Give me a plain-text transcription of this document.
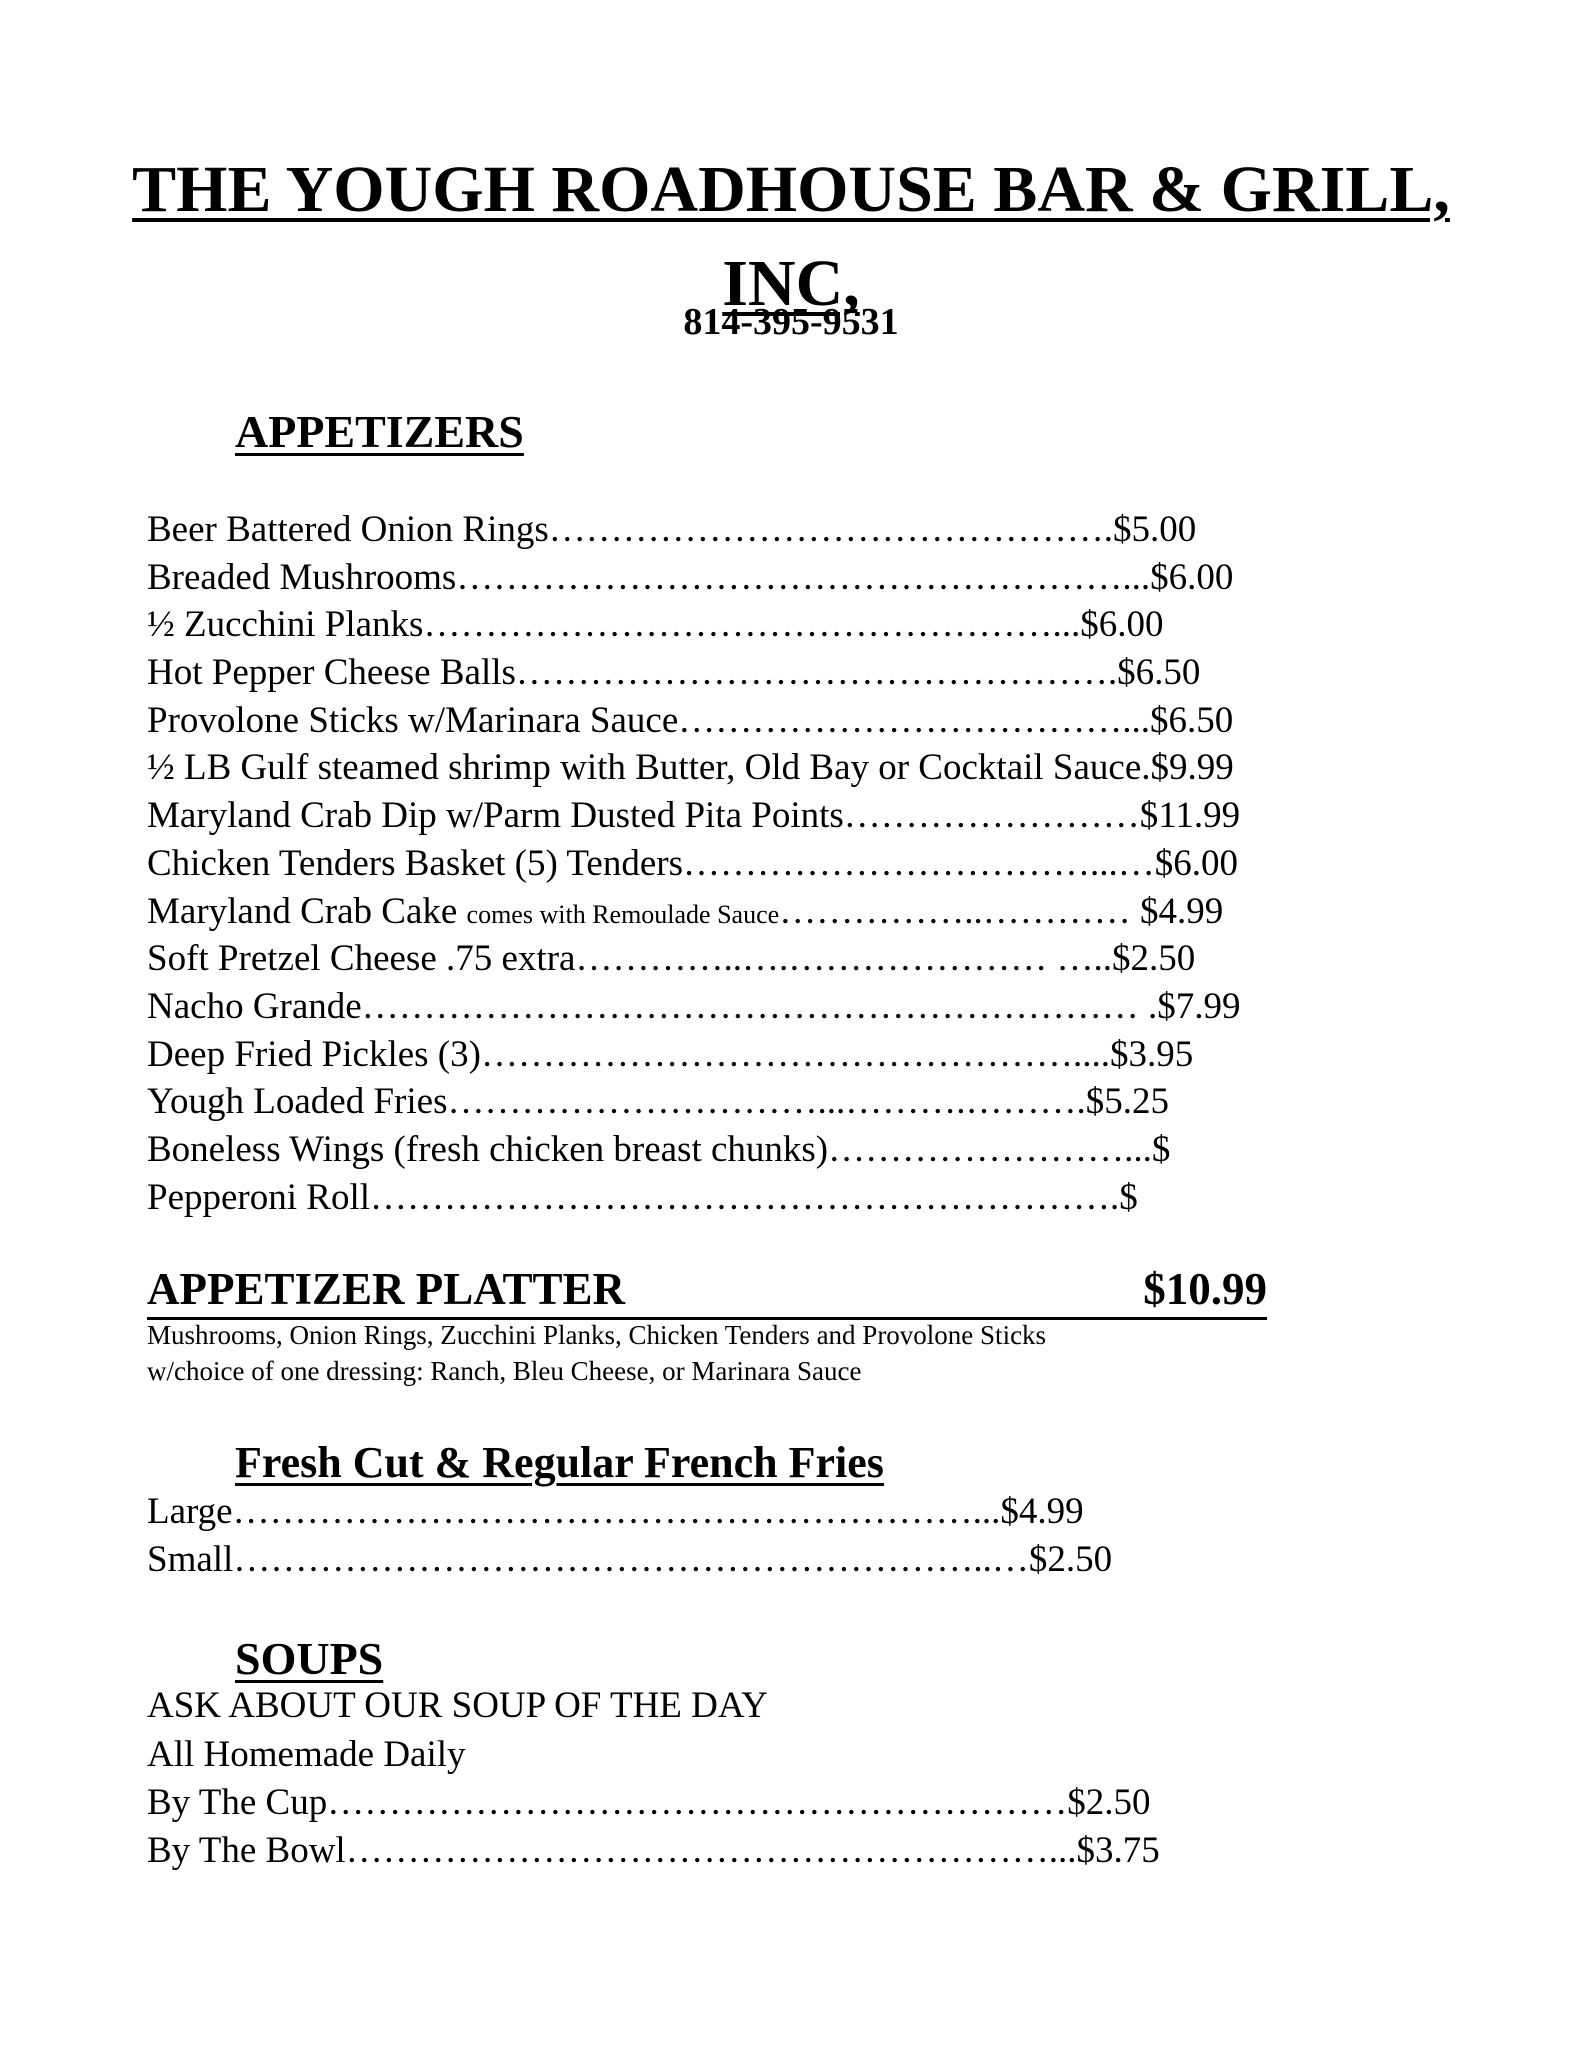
THE YOUGH ROADHOUSE BAR & GRILL,
INC,
814-395-9531
APPETIZERS
Beer Battered Onion Rings……………………………………….$5.00
Breaded Mushrooms………………………………………………...$6.00
½ Zucchini Planks……………………………………………...$6.00
Hot Pepper Cheese Balls………………………………………….$6.50
Provolone Sticks w/Marinara Sauce………………………………...$6.50
½ LB Gulf steamed shrimp with Butter, Old Bay or Cocktail Sauce.$9.99
Maryland Crab Dip w/Parm Dusted Pita Points……………………$11.99
Chicken Tenders Basket (5) Tenders……………………………...…$6.00
Maryland Crab Cake comes with Remoulade Sauce……………..………… $4.99
Soft Pretzel Cheese .75 extra…………..….………………… …..$2.50
Nacho Grande……………………………………………………… .$7.99
Deep Fried Pickles (3)…………………………………………....$3.95
Yough Loaded Fries…………………………...……….……….$5.25
Boneless Wings (fresh chicken breast chunks)……………………...$
Pepperoni Roll…………………………………………………….$
APPETIZER PLATTER	$10.99
Mushrooms, Onion Rings, Zucchini Planks, Chicken Tenders and Provolone Sticks
w/choice of one dressing: Ranch, Bleu Cheese, or Marinara Sauce
Fresh Cut & Regular French Fries
Large……………………………………………………...$4.99
Small……………………………………………………..…$2.50
SOUPS
ASK ABOUT OUR SOUP OF THE DAY
All Homemade Daily
By The Cup……………………………………………………$2.50
By The Bowl…………………………………………………...$3.75
